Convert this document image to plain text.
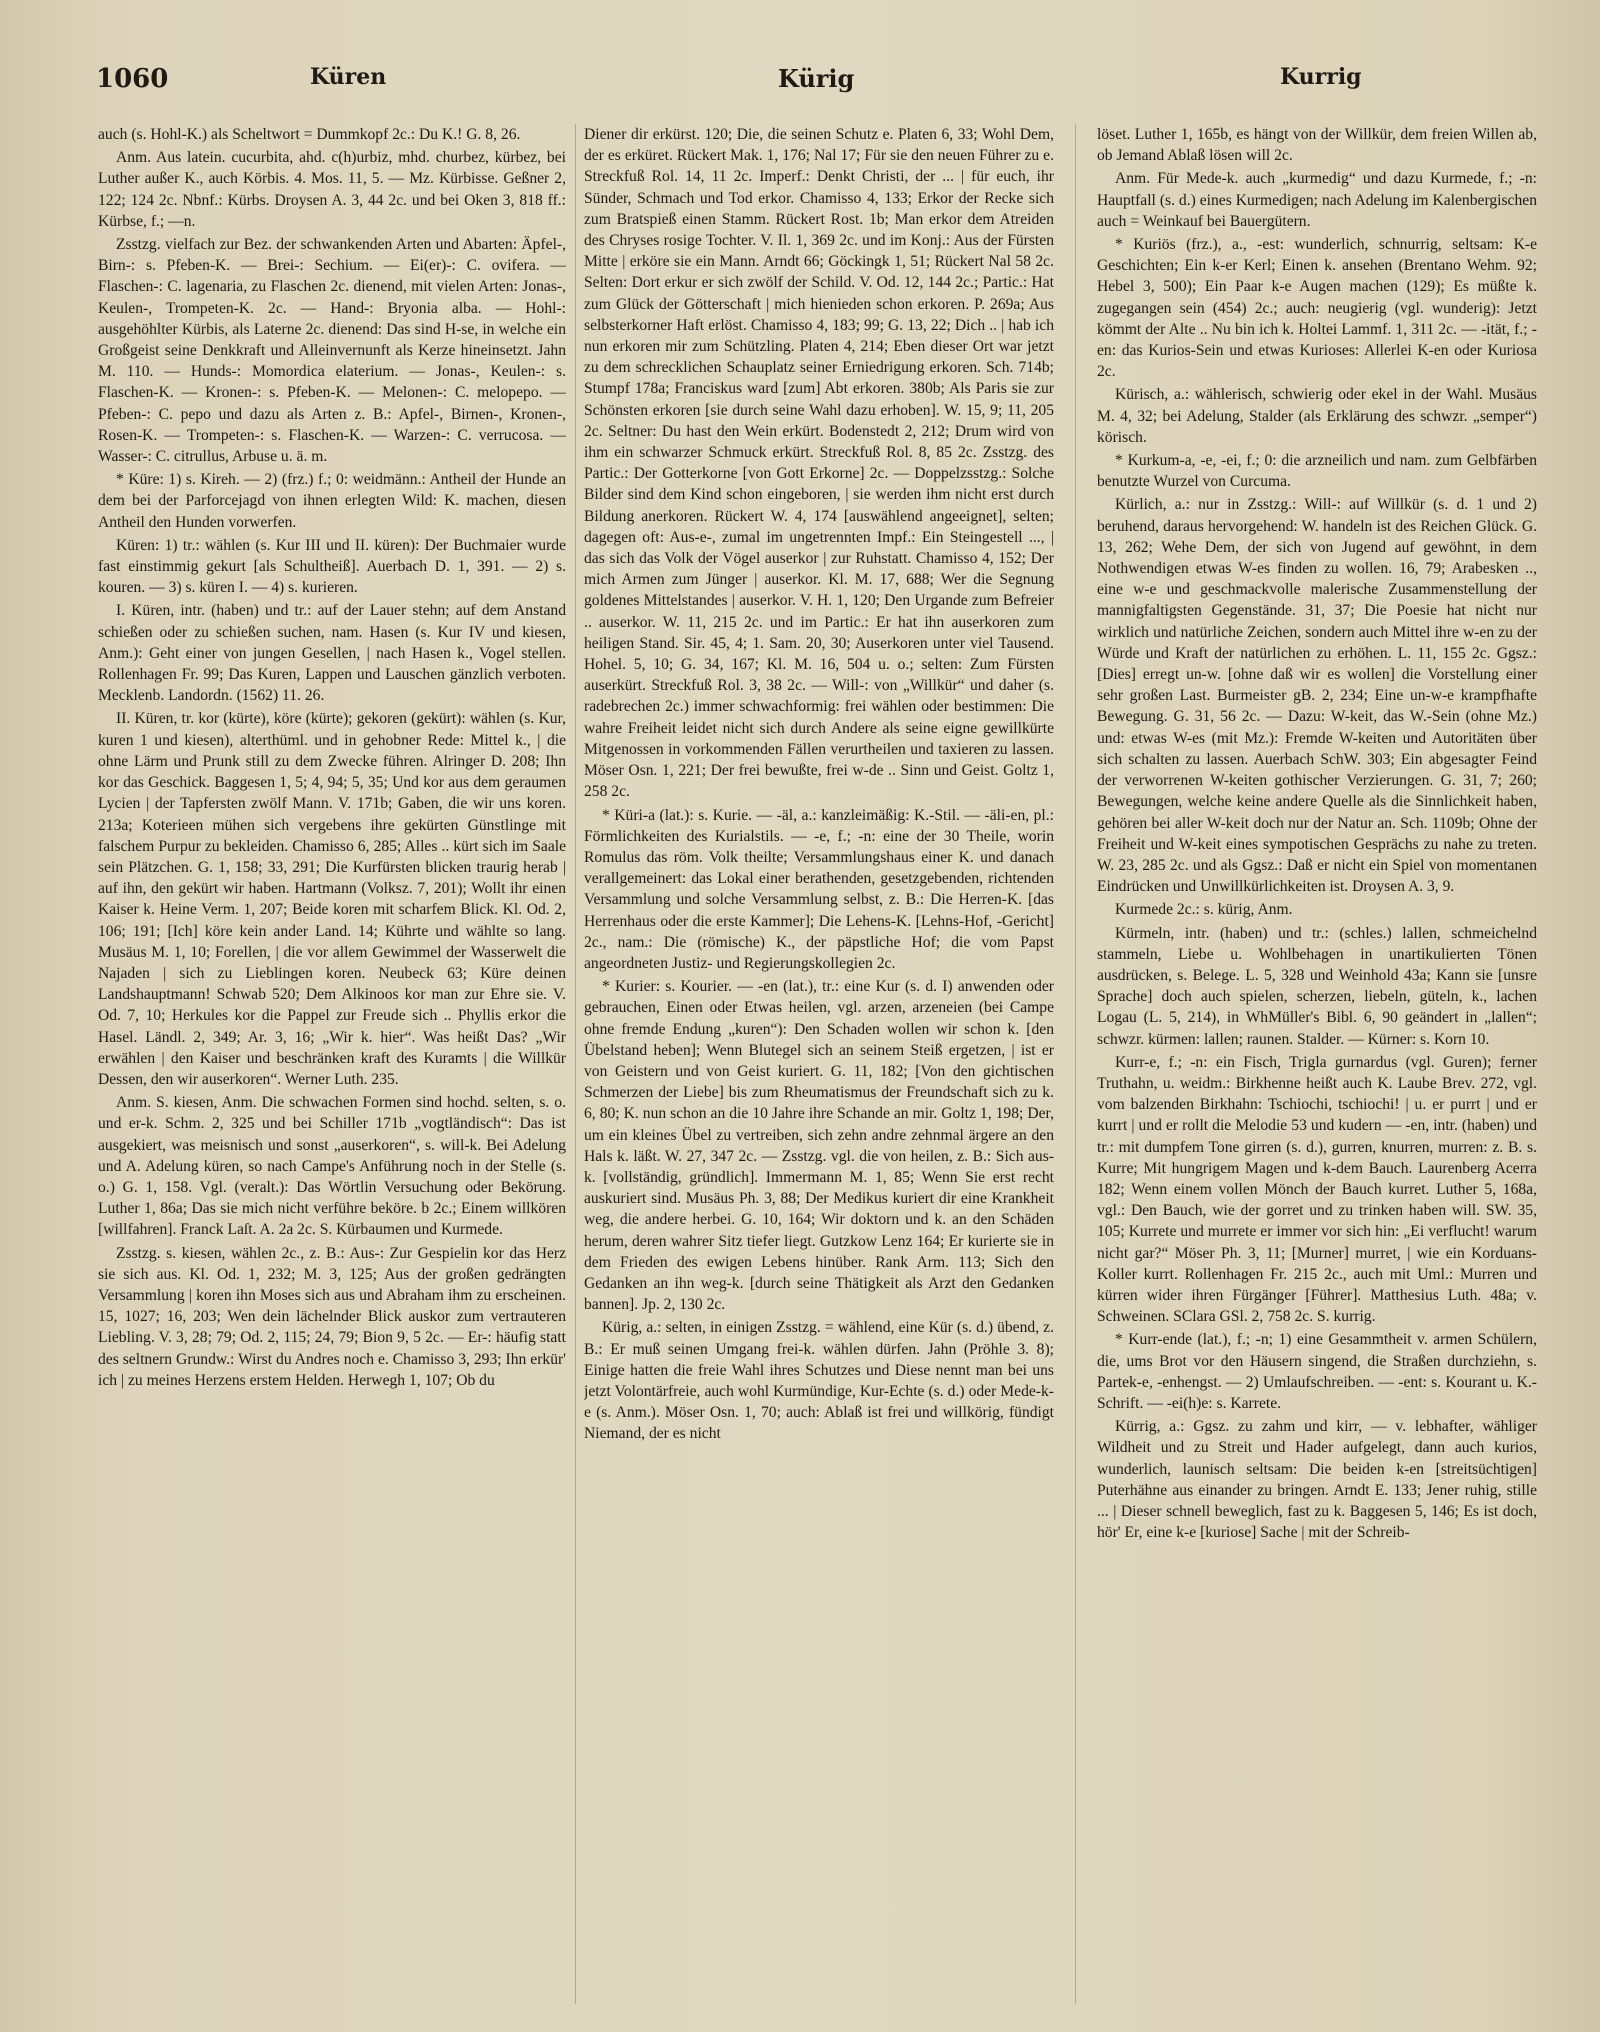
1060	Küren	Kürig	Kurrig

auch (s. Hohl-K.) als Scheltwort = Dummkopf 2c.: Du K.! G. 8, 26.

Anm. Aus latein. cucurbita, ahd. c(h)urbiz, mhd. churbez, kürbez, bei Luther außer K., auch Körbis. 4. Mos. 11, 5. — Mz. Kürbisse. Geßner 2, 122; 124 2c. Nbnf.: Kürbs. Droysen A. 3, 44 2c. und bei Oken 3, 818 ff.: Kürbse, f.; —n.

Zsstzg. vielfach zur Bez. der schwankenden Arten und Abarten: Äpfel-, Birn-: s. Pfeben-K. — Brei-: Sechium. — Ei(er)-: C. ovifera. — Flaschen-: C. lagenaria, zu Flaschen 2c. dienend, mit vielen Arten: Jonas-, Keulen-, Trompeten-K. 2c. — Hand-: Bryonia alba. — Hohl-: ausgehöhlter Kürbis, als Laterne 2c. dienend: Das sind H-se, in welche ein Großgeist seine Denkkraft und Alleinvernunft als Kerze hineinsetzt. Jahn M. 110. — Hunds-: Momordica elaterium. — Jonas-, Keulen-: s. Flaschen-K. — Kronen-: s. Pfeben-K. — Melonen-: C. melopepo. — Pfeben-: C. pepo und dazu als Arten z. B.: Apfel-, Birnen-, Kronen-, Rosen-K. — Trompeten-: s. Flaschen-K. — Warzen-: C. verrucosa. — Wasser-: C. citrullus, Arbuse u. ä. m.

* Küre: 1) s. Kireh. — 2) (frz.) f.; 0: weidmänn.: Antheil der Hunde an dem bei der Parforcejagd von ihnen erlegten Wild: K. machen, diesen Antheil den Hunden vorwerfen.

Küren: 1) tr.: wählen (s. Kur III und II. küren): Der Buchmaier wurde fast einstimmig gekurt [als Schultheiß]. Auerbach D. 1, 391. — 2) s. kouren. — 3) s. küren I. — 4) s. kurieren.

I. Küren, intr. (haben) und tr.: auf der Lauer stehn; auf dem Anstand schießen oder zu schießen suchen, nam. Hasen (s. Kur IV und kiesen, Anm.): Geht einer von jungen Gesellen, | nach Hasen k., Vogel stellen. Rollenhagen Fr. 99; Das Kuren, Lappen und Lauschen gänzlich verboten. Mecklenb. Landordn. (1562) 11. 26.

II. Küren, tr. kor (kürte), köre (kürte); gekoren (gekürt): wählen (s. Kur, kuren 1 und kiesen), alterthüml. und in gehobner Rede: Mittel k., | die ohne Lärm und Prunk still zu dem Zwecke führen. Alringer D. 208; Ihn kor das Geschick. Baggesen 1, 5; 4, 94; 5, 35; Und kor aus dem geraumen Lycien | der Tapfersten zwölf Mann. V. 171b; Gaben, die wir uns koren. 213a; Koterieen mühen sich vergebens ihre gekürten Günstlinge mit falschem Purpur zu bekleiden. Chamisso 6, 285; Alles .. kürt sich im Saale sein Plätzchen. G. 1, 158; 33, 291; Die Kurfürsten blicken traurig herab | auf ihn, den gekürt wir haben. Hartmann (Volksz. 7, 201); Wollt ihr einen Kaiser k. Heine Verm. 1, 207; Beide koren mit scharfem Blick. Kl. Od. 2, 106; 191; [Ich] köre kein ander Land. 14; Kührte und wählte so lang. Musäus M. 1, 10; Forellen, | die vor allem Gewimmel der Wasserwelt die Najaden | sich zu Lieblingen koren. Neubeck 63; Küre deinen Landshauptmann! Schwab 520; Dem Alkinoos kor man zur Ehre sie. V. Od. 7, 10; Herkules kor die Pappel zur Freude sich .. Phyllis erkor die Hasel. Ländl. 2, 349; Ar. 3, 16; „Wir k. hier“. Was heißt Das? „Wir erwählen | den Kaiser und beschränken kraft des Kuramts | die Willkür Dessen, den wir auserkoren“. Werner Luth. 235.

Anm. S. kiesen, Anm. Die schwachen Formen sind hochd. selten, s. o. und er-k. Schm. 2, 325 und bei Schiller 171b „vogtländisch“: Das ist ausgekiert, was meisnisch und sonst „auserkoren“, s. will-k. Bei Adelung und A. Adelung küren, so nach Campe's Anführung noch in der Stelle (s. o.) G. 1, 158. Vgl. (veralt.): Das Wörtlin Versuchung oder Bekörung. Luther 1, 86a; Das sie mich nicht verführe beköre. b 2c.; Einem willkören [willfahren]. Franck Laſt. A. 2a 2c. S. Kürbaumen und Kurmede.

Zsstzg. s. kiesen, wählen 2c., z. B.: Aus-: Zur Gespielin kor das Herz sie sich aus. Kl. Od. 1, 232; M. 3, 125; Aus der großen gedrängten Versammlung | koren ihn Moses sich aus und Abraham ihm zu erscheinen. 15, 1027; 16, 203; Wen dein lächelnder Blick auskor zum vertrauteren Liebling. V. 3, 28; 79; Od. 2, 115; 24, 79; Bion 9, 5 2c. — Er-: häufig statt des seltnern Grundw.: Wirst du Andres noch e. Chamisso 3, 293; Ihn erkür' ich | zu meines Herzens erstem Helden. Herwegh 1, 107; Ob du

Diener dir erkürst. 120; Die, die seinen Schutz e. Platen 6, 33; Wohl Dem, der es erküret. Rückert Mak. 1, 176; Nal 17; Für sie den neuen Führer zu e. Streckfuß Rol. 14, 11 2c. Imperf.: Denkt Christi, der ... | für euch, ihr Sünder, Schmach und Tod erkor. Chamisso 4, 133; Erkor der Recke sich zum Bratspieß einen Stamm. Rückert Rost. 1b; Man erkor dem Atreiden des Chryses rosige Tochter. V. Il. 1, 369 2c. und im Konj.: Aus der Fürsten Mitte | erköre sie ein Mann. Arndt 66; Göckingk 1, 51; Rückert Nal 58 2c. Selten: Dort erkur er sich zwölf der Schild. V. Od. 12, 144 2c.; Partic.: Hat zum Glück der Götterschaft | mich hienieden schon erkoren. P. 269a; Aus selbsterkorner Haft erlöst. Chamisso 4, 183; 99; G. 13, 22; Dich .. | hab ich nun erkoren mir zum Schützling. Platen 4, 214; Eben dieser Ort war jetzt zu dem schrecklichen Schauplatz seiner Erniedrigung erkoren. Sch. 714b; Stumpf 178a; Franciskus ward [zum] Abt erkoren. 380b; Als Paris sie zur Schönsten erkoren [sie durch seine Wahl dazu erhoben]. W. 15, 9; 11, 205 2c. Seltner: Du hast den Wein erkürt. Bodenstedt 2, 212; Drum wird von ihm ein schwarzer Schmuck erkürt. Streckfuß Rol. 8, 85 2c. Zsstzg. des Partic.: Der Gotterkorne [von Gott Erkorne] 2c. — Doppelzsstzg.: Solche Bilder sind dem Kind schon eingeboren, | sie werden ihm nicht erst durch Bildung anerkoren. Rückert W. 4, 174 [auswählend angeeignet], selten; dagegen oft: Aus-e-, zumal im ungetrennten Impf.: Ein Steingestell ..., | das sich das Volk der Vögel auserkor | zur Ruhstatt. Chamisso 4, 152; Der mich Armen zum Jünger | auserkor. Kl. M. 17, 688; Wer die Segnung goldenes Mittelstandes | auserkor. V. H. 1, 120; Den Urgande zum Befreier .. auserkor. W. 11, 215 2c. und im Partic.: Er hat ihn auserkoren zum heiligen Stand. Sir. 45, 4; 1. Sam. 20, 30; Auserkoren unter viel Tausend. Hohel. 5, 10; G. 34, 167; Kl. M. 16, 504 u. o.; selten: Zum Fürsten auserkürt. Streckfuß Rol. 3, 38 2c. — Will-: von „Willkür“ und daher (s. radebrechen 2c.) immer schwachformig: frei wählen oder bestimmen: Die wahre Freiheit leidet nicht sich durch Andere als seine eigne gewillkürte Mitgenossen in vorkommenden Fällen verurtheilen und taxieren zu lassen. Möser Osn. 1, 221; Der frei bewußte, frei w-de .. Sinn und Geist. Goltz 1, 258 2c.

* Küri-a (lat.): s. Kurie. — -äl, a.: kanzleimäßig: K.-Stil. — -äli-en, pl.: Förmlichkeiten des Kurialstils. — -e, f.; -n: eine der 30 Theile, worin Romulus das röm. Volk theilte; Versammlungshaus einer K. und danach verallgemeinert: das Lokal einer berathenden, gesetzgebenden, richtenden Versammlung und solche Versammlung selbst, z. B.: Die Herren-K. [das Herrenhaus oder die erste Kammer]; Die Lehens-K. [Lehns-Hof, -Gericht] 2c., nam.: Die (römische) K., der päpstliche Hof; die vom Papst angeordneten Justiz- und Regierungskollegien 2c.

* Kurier: s. Kourier. — -en (lat.), tr.: eine Kur (s. d. I) anwenden oder gebrauchen, Einen oder Etwas heilen, vgl. arzen, arzeneien (bei Campe ohne fremde Endung „kuren“): Den Schaden wollen wir schon k. [den Übelstand heben]; Wenn Blutegel sich an seinem Steiß ergetzen, | ist er von Geistern und von Geist kuriert. G. 11, 182; [Von den gichtischen Schmerzen der Liebe] bis zum Rheumatismus der Freundschaft sich zu k. 6, 80; K. nun schon an die 10 Jahre ihre Schande an mir. Goltz 1, 198; Der, um ein kleines Übel zu vertreiben, sich zehn andre zehnmal ärgere an den Hals k. läßt. W. 27, 347 2c. — Zsstzg. vgl. die von heilen, z. B.: Sich aus-k. [vollständig, gründlich]. Immermann M. 1, 85; Wenn Sie erst recht auskuriert sind. Musäus Ph. 3, 88; Der Medikus kuriert dir eine Krankheit weg, die andere herbei. G. 10, 164; Wir doktorn und k. an den Schäden herum, deren wahrer Sitz tiefer liegt. Gutzkow Lenz 164; Er kurierte sie in dem Frieden des ewigen Lebens hinüber. Rank Arm. 113; Sich den Gedanken an ihn weg-k. [durch seine Thätigkeit als Arzt den Gedanken bannen]. Jp. 2, 130 2c.

Kürig, a.: selten, in einigen Zsstzg. = wählend, eine Kür (s. d.) übend, z. B.: Er muß seinen Umgang frei-k. wählen dürfen. Jahn (Pröhle 3. 8); Einige hatten die freie Wahl ihres Schutzes und Diese nennt man bei uns jetzt Volontärfreie, auch wohl Kurmündige, Kur-Echte (s. d.) oder Mede-k-e (s. Anm.). Möser Osn. 1, 70; auch: Ablaß ist frei und willkörig, fündigt Niemand, der es nicht

löset. Luther 1, 165b, es hängt von der Willkür, dem freien Willen ab, ob Jemand Ablaß lösen will 2c.

Anm. Für Mede-k. auch „kurmedig“ und dazu Kurmede, f.; -n: Hauptfall (s. d.) eines Kurmedigen; nach Adelung im Kalenbergischen auch = Weinkauf bei Bauergütern.

* Kuriös (frz.), a., -est: wunderlich, schnurrig, seltsam: K-e Geschichten; Ein k-er Kerl; Einen k. ansehen (Brentano Wehm. 92; Hebel 3, 500); Ein Paar k-e Augen machen (129); Es müßte k. zugegangen sein (454) 2c.; auch: neugierig (vgl. wunderig): Jetzt kömmt der Alte .. Nu bin ich k. Holtei Lammf. 1, 311 2c. — -ität, f.; -en: das Kurios-Sein und etwas Kurioses: Allerlei K-en oder Kuriosa 2c.

Kürisch, a.: wählerisch, schwierig oder ekel in der Wahl. Musäus M. 4, 32; bei Adelung, Stalder (als Erklärung des schwzr. „semper“) körisch.

* Kurkum-a, -e, -ei, f.; 0: die arzneilich und nam. zum Gelbfärben benutzte Wurzel von Curcuma.

Kürlich, a.: nur in Zsstzg.: Will-: auf Willkür (s. d. 1 und 2) beruhend, daraus hervorgehend: W. handeln ist des Reichen Glück. G. 13, 262; Wehe Dem, der sich von Jugend auf gewöhnt, in dem Nothwendigen etwas W-es finden zu wollen. 16, 79; Arabesken .., eine w-e und geschmackvolle malerische Zusammenstellung der mannigfaltigsten Gegenstände. 31, 37; Die Poesie hat nicht nur wirklich und natürliche Zeichen, sondern auch Mittel ihre w-en zu der Würde und Kraft der natürlichen zu erhöhen. L. 11, 155 2c. Ggsz.: [Dies] erregt un-w. [ohne daß wir es wollen] die Vorstellung einer sehr großen Last. Burmeister gB. 2, 234; Eine un-w-e krampfhafte Bewegung. G. 31, 56 2c. — Dazu: W-keit, das W.-Sein (ohne Mz.) und: etwas W-es (mit Mz.): Fremde W-keiten und Autoritäten über sich schalten zu lassen. Auerbach SchW. 303; Ein abgesagter Feind der verworrenen W-keiten gothischer Verzierungen. G. 31, 7; 260; Bewegungen, welche keine andere Quelle als die Sinnlichkeit haben, gehören bei aller W-keit doch nur der Natur an. Sch. 1109b; Ohne der Freiheit und W-keit eines sympotischen Gesprächs zu nahe zu treten. W. 23, 285 2c. und als Ggsz.: Daß er nicht ein Spiel von momentanen Eindrücken und Unwillkürlichkeiten ist. Droysen A. 3, 9.

Kurmede 2c.: s. kürig, Anm.

Kürmeln, intr. (haben) und tr.: (schles.) lallen, schmeichelnd stammeln, Liebe u. Wohlbehagen in unartikulierten Tönen ausdrücken, s. Belege. L. 5, 328 und Weinhold 43a; Kann sie [unsre Sprache] doch auch spielen, scherzen, liebeln, güteln, k., lachen Logau (L. 5, 214), in WhMüller's Bibl. 6, 90 geändert in „lallen“; schwzr. kürmen: lallen; raunen. Stalder. — Kürner: s. Korn 10.

Kurr-e, f.; -n: ein Fisch, Trigla gurnardus (vgl. Guren); ferner Truthahn, u. weidm.: Birkhenne heißt auch K. Laube Brev. 272, vgl. vom balzenden Birkhahn: Tschiochi, tschiochi! | u. er purrt | und er kurrt | und er rollt die Melodie 53 und kudern — -en, intr. (haben) und tr.: mit dumpfem Tone girren (s. d.), gurren, knurren, murren: z. B. s. Kurre; Mit hungrigem Magen und k-dem Bauch. Laurenberg Acerra 182; Wenn einem vollen Mönch der Bauch kurret. Luther 5, 168a, vgl.: Den Bauch, wie der gorret und zu trinken haben will. SW. 35, 105; Kurrete und murrete er immer vor sich hin: „Ei verflucht! warum nicht gar?“ Möser Ph. 3, 11; [Murner] murret, | wie ein Korduans-Koller kurrt. Rollenhagen Fr. 215 2c., auch mit Uml.: Murren und kürren wider ihren Fürgänger [Führer]. Matthesius Luth. 48a; v. Schweinen. SClara GSl. 2, 758 2c. S. kurrig.

* Kurr-ende (lat.), f.; -n; 1) eine Gesammtheit v. armen Schülern, die, ums Brot vor den Häusern singend, die Straßen durchziehn, s. Partek-e, -enhengst. — 2) Umlaufschreiben. — -ent: s. Kourant u. K.-Schrift. — -ei(h)e: s. Karrete.

Kürrig, a.: Ggsz. zu zahm und kirr, — v. lebhafter, wähliger Wildheit und zu Streit und Hader aufgelegt, dann auch kurios, wunderlich, launisch seltsam: Die beiden k-en [streitsüchtigen] Puterhähne aus einander zu bringen. Arndt E. 133; Jener ruhig, stille ... | Dieser schnell beweglich, fast zu k. Baggesen 5, 146; Es ist doch, hör' Er, eine k-e [kuriose] Sache | mit der Schreib-
